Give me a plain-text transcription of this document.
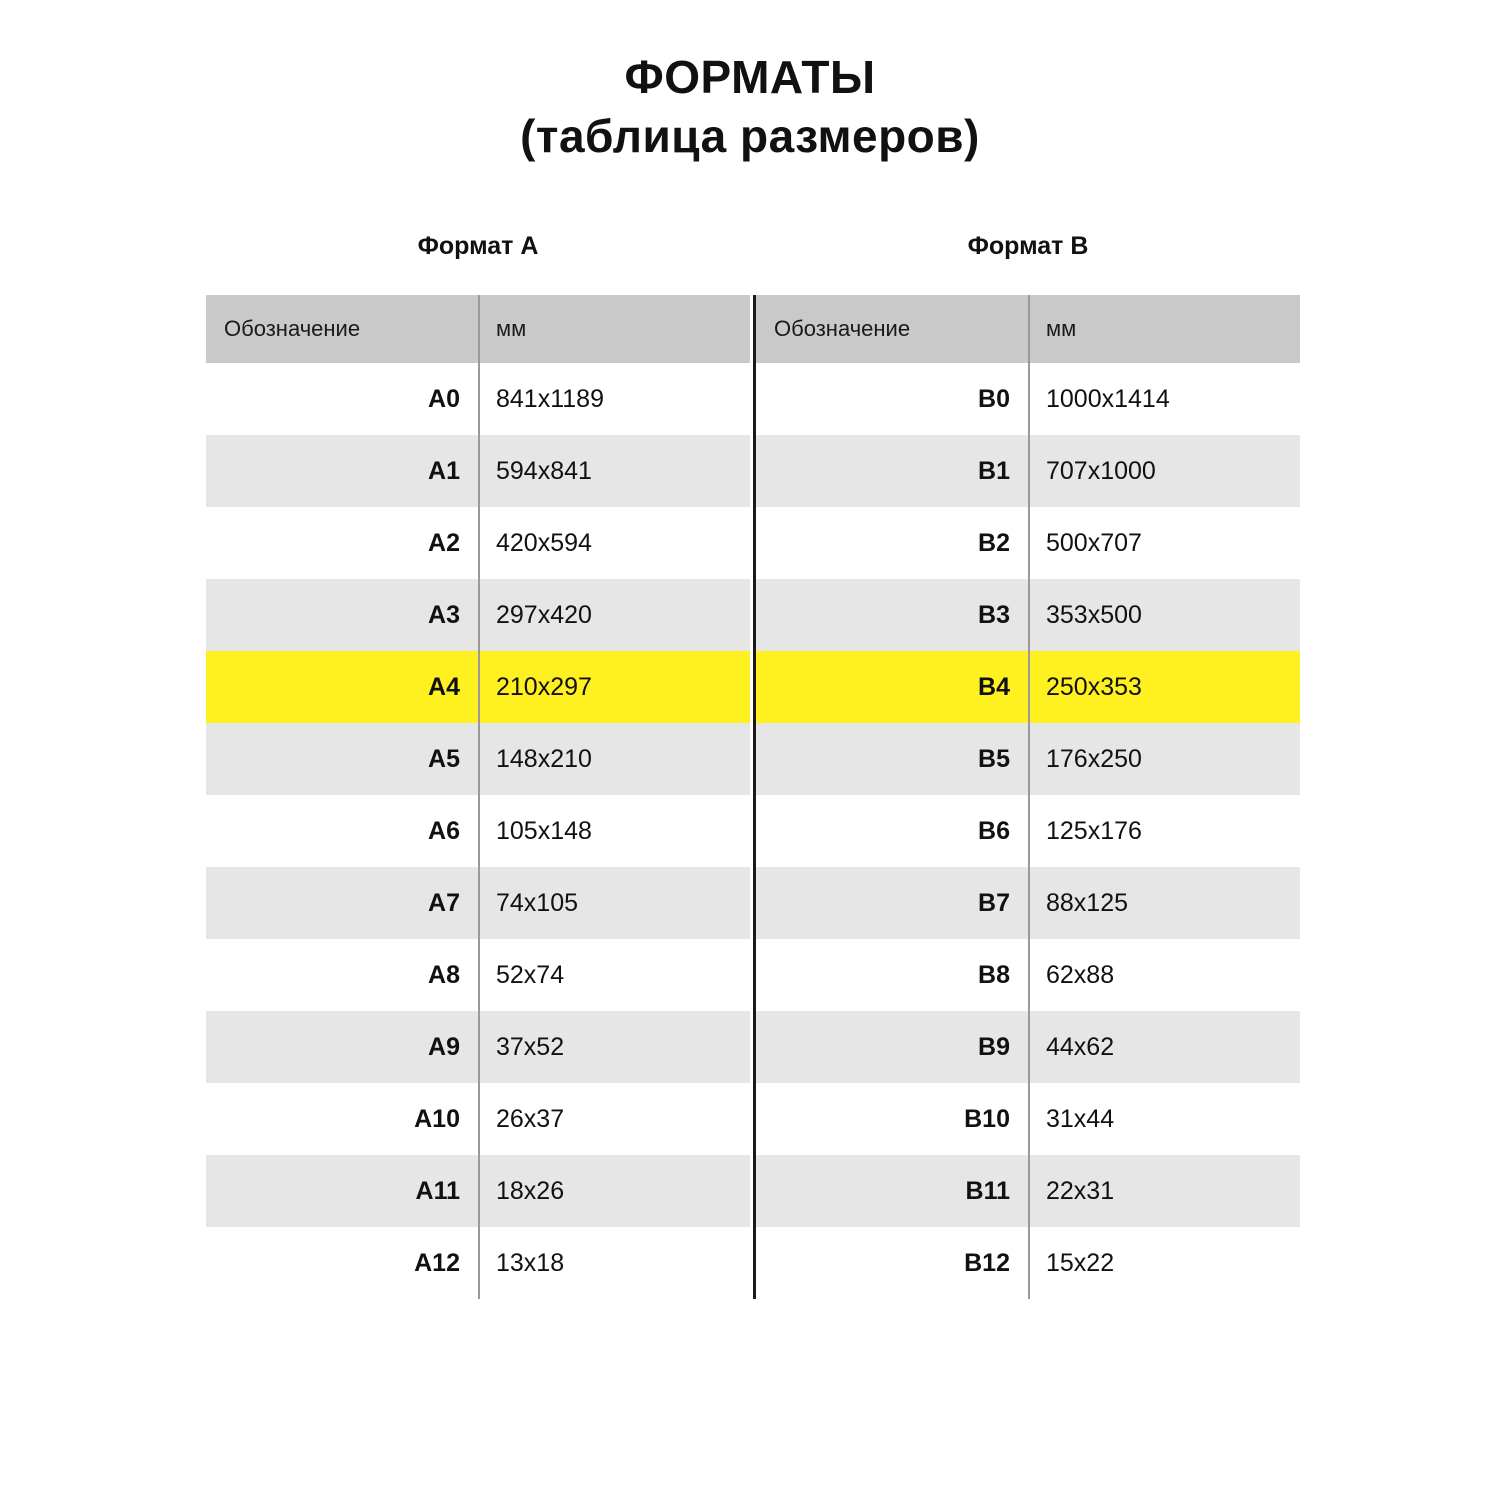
ФОРМАТЫ
(таблица размеров)
Формат A			Формат B	
Обозначение	мм		Обозначение	мм
A0	841x1189		B0	1000x1414
A1	594x841		B1	707x1000
A2	420x594		B2	500x707
A3	297x420		B3	353x500
A4	210x297		B4	250x353
A5	148x210		B5	176x250
A6	105x148		B6	125x176
A7	74x105		B7	88x125
A8	52x74		B8	62x88
A9	37x52		B9	44x62
A10	26x37		B10	31x44
A11	18x26		B11	22x31
A12	13x18		B12	15x22
